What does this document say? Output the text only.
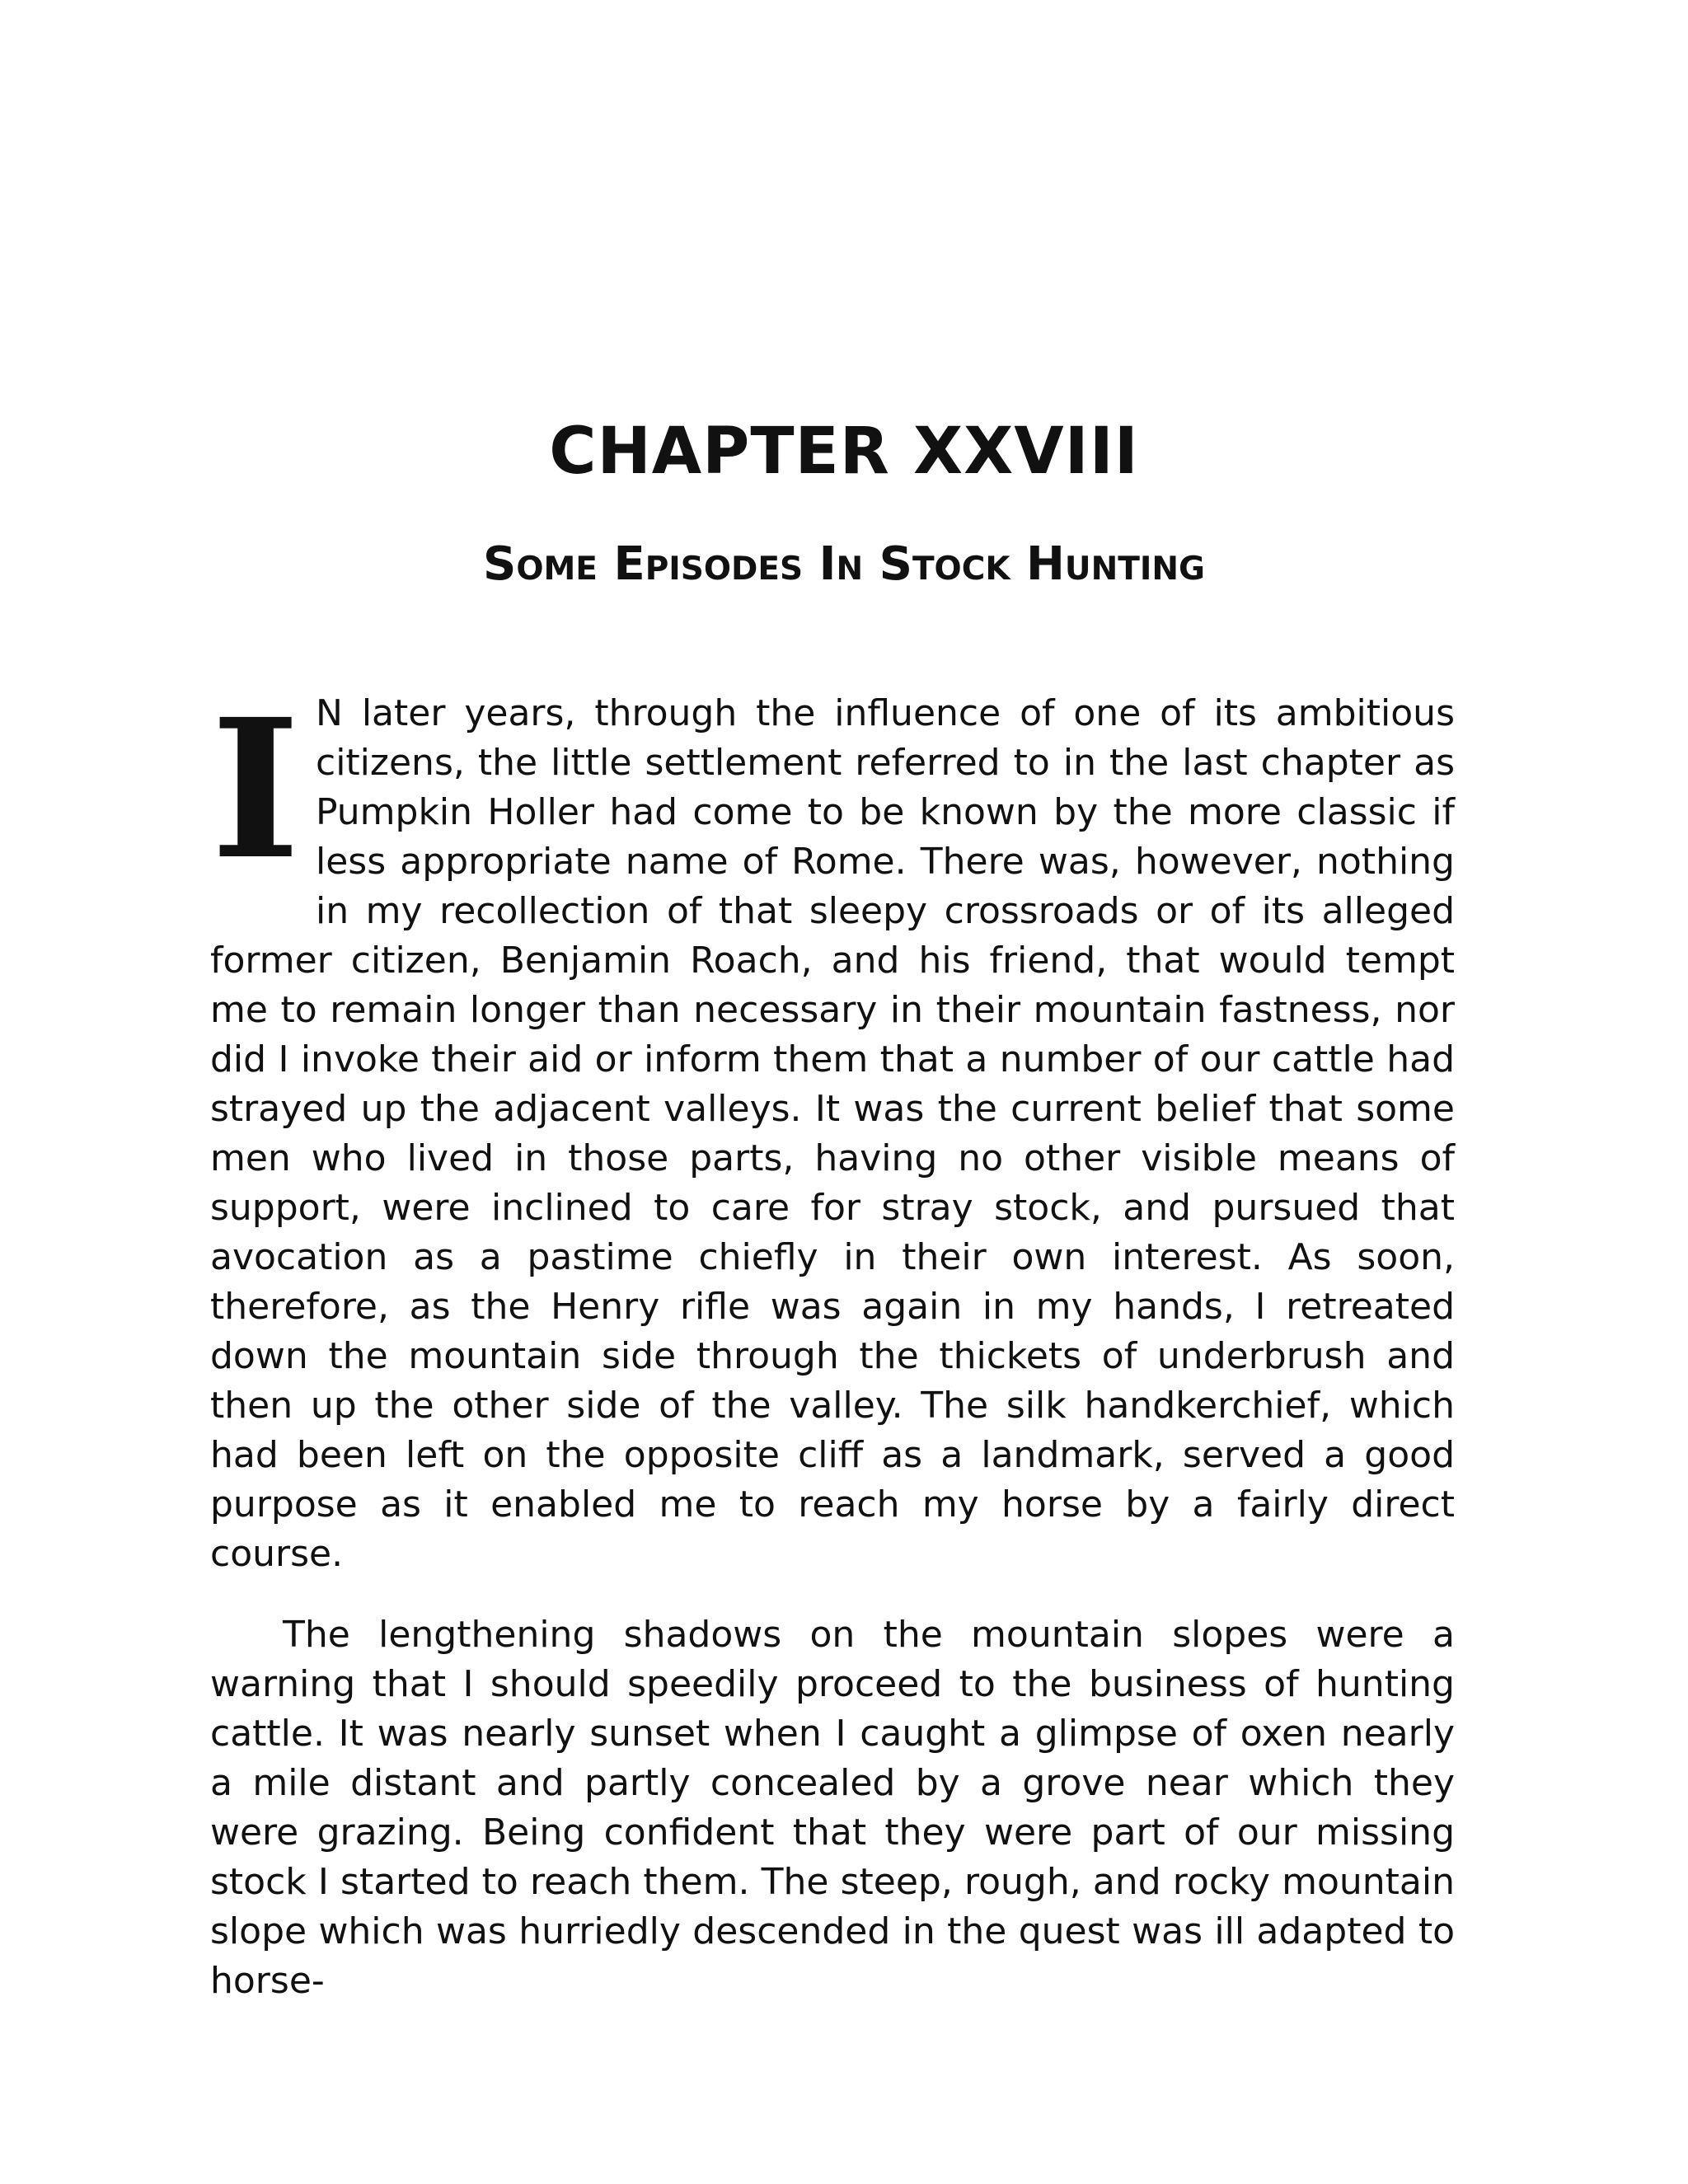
CHAPTER XXVIII
Some Episodes In Stock Hunting

I N later years, through the influence of one of its ambitious citizens, the little settlement referred to in the last chapter as Pumpkin Holler had come to be known by the more classic if less appropriate name of Rome. There was, however, nothing in my recollection of that sleepy crossroads or of its alleged former citizen, Benjamin Roach, and his friend, that would tempt me to remain longer than necessary in their mountain fastness, nor did I invoke their aid or inform them that a number of our cattle had strayed up the adjacent valleys. It was the current belief that some men who lived in those parts, having no other visible means of support, were inclined to care for stray stock, and pursued that avocation as a pastime chiefly in their own interest. As soon, therefore, as the Henry rifle was again in my hands, I retreated down the mountain side through the thickets of underbrush and then up the other side of the valley. The silk handkerchief, which had been left on the opposite cliff as a landmark, served a good purpose as it enabled me to reach my horse by a fairly direct course.

The lengthening shadows on the mountain slopes were a warning that I should speedily proceed to the business of hunting cattle. It was nearly sunset when I caught a glimpse of oxen nearly a mile distant and partly concealed by a grove near which they were grazing. Being confident that they were part of our missing stock I started to reach them. The steep, rough, and rocky mountain slope which was hurriedly descended in the quest was ill adapted to horse-
